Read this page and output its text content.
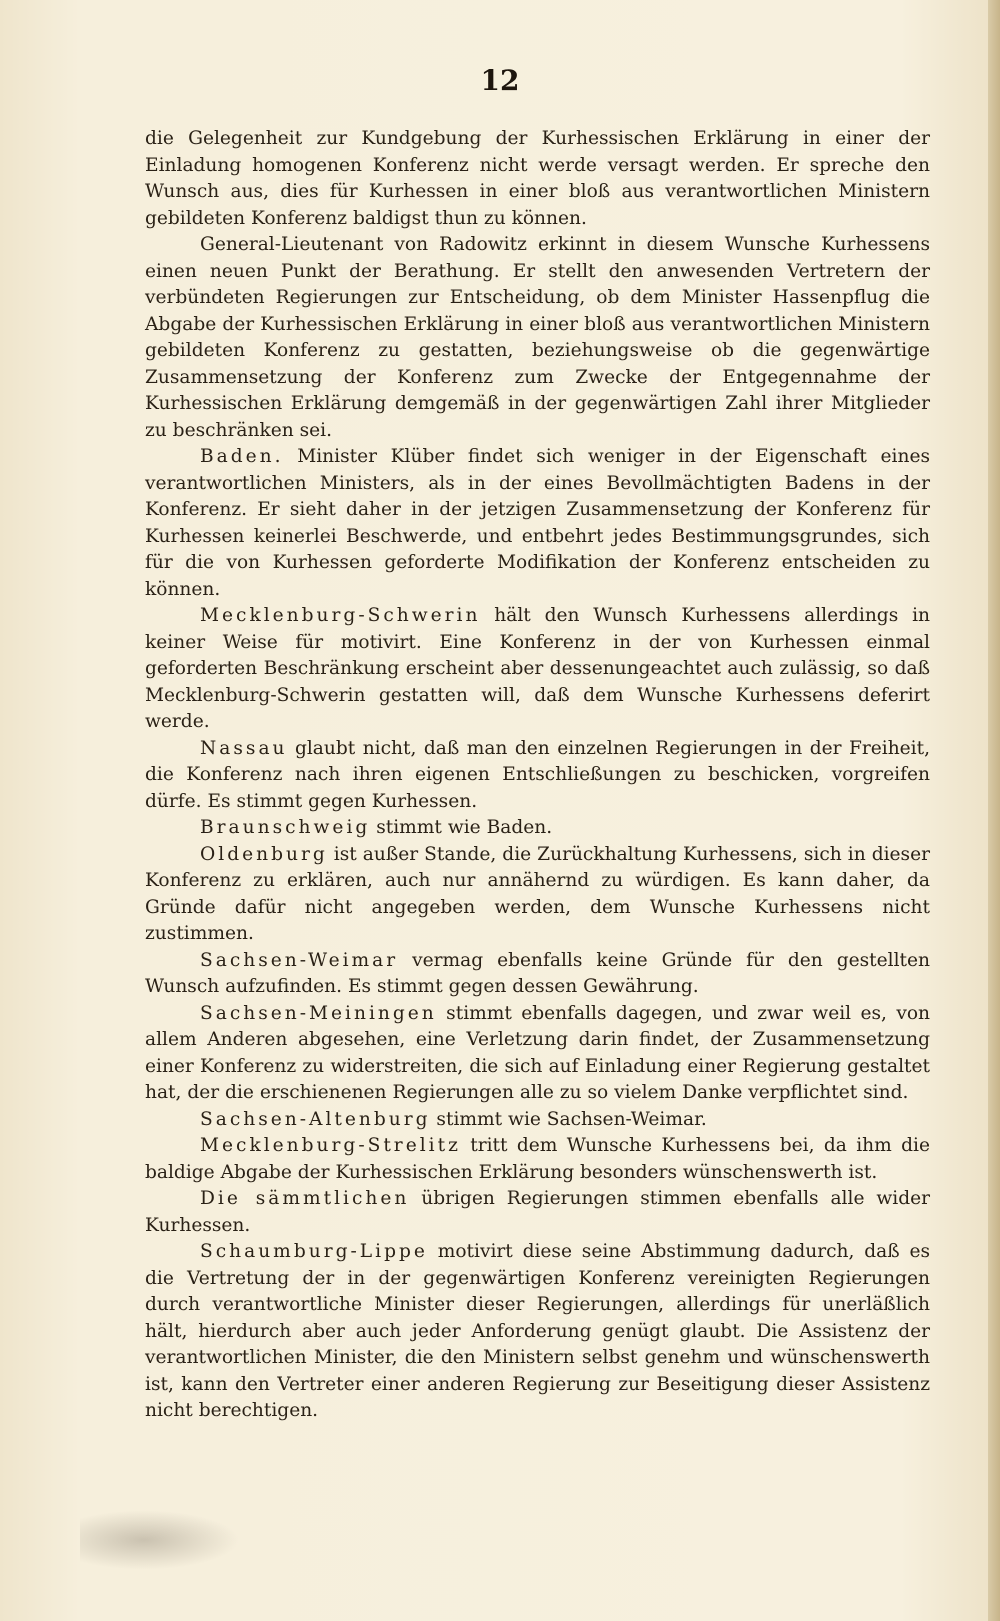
12

die Gelegenheit zur Kundgebung der Kurhessischen Erklärung in einer der Einladung homogenen Konferenz nicht werde versagt werden. Er spreche den Wunsch aus, dies für Kurhessen in einer bloß aus verantwortlichen Ministern gebildeten Konferenz baldigst thun zu können.

General-Lieutenant von Radowitz erkinnt in diesem Wunsche Kurhessens einen neuen Punkt der Berathung. Er stellt den anwesenden Vertretern der verbündeten Regierungen zur Entscheidung, ob dem Minister Hassenpflug die Abgabe der Kurhessischen Erklärung in einer bloß aus verantwortlichen Ministern gebildeten Konferenz zu gestatten, beziehungsweise ob die gegenwärtige Zusammensetzung der Konferenz zum Zwecke der Entgegennahme der Kurhessischen Erklärung demgemäß in der gegenwärtigen Zahl ihrer Mitglieder zu beschränken sei.

Baden. Minister Klüber findet sich weniger in der Eigenschaft eines verantwortlichen Ministers, als in der eines Bevollmächtigten Badens in der Konferenz. Er sieht daher in der jetzigen Zusammensetzung der Konferenz für Kurhessen keinerlei Beschwerde, und entbehrt jedes Bestimmungsgrundes, sich für die von Kurhessen geforderte Modifikation der Konferenz entscheiden zu können.

Mecklenburg-Schwerin hält den Wunsch Kurhessens allerdings in keiner Weise für motivirt. Eine Konferenz in der von Kurhessen einmal geforderten Beschränkung erscheint aber dessenungeachtet auch zulässig, so daß Mecklenburg-Schwerin gestatten will, daß dem Wunsche Kurhessens deferirt werde.

Nassau glaubt nicht, daß man den einzelnen Regierungen in der Freiheit, die Konferenz nach ihren eigenen Entschließungen zu beschicken, vorgreifen dürfe. Es stimmt gegen Kurhessen.

Braunschweig stimmt wie Baden.

Oldenburg ist außer Stande, die Zurückhaltung Kurhessens, sich in dieser Konferenz zu erklären, auch nur annähernd zu würdigen. Es kann daher, da Gründe dafür nicht angegeben werden, dem Wunsche Kurhessens nicht zustimmen.

Sachsen-Weimar vermag ebenfalls keine Gründe für den gestellten Wunsch aufzufinden. Es stimmt gegen dessen Gewährung.

Sachsen-Meiningen stimmt ebenfalls dagegen, und zwar weil es, von allem Anderen abgesehen, eine Verletzung darin findet, der Zusammensetzung einer Konferenz zu widerstreiten, die sich auf Einladung einer Regierung gestaltet hat, der die erschienenen Regierungen alle zu so vielem Danke verpflichtet sind.

Sachsen-Altenburg stimmt wie Sachsen-Weimar.

Mecklenburg-Strelitz tritt dem Wunsche Kurhessens bei, da ihm die baldige Abgabe der Kurhessischen Erklärung besonders wünschenswerth ist.

Die sämmtlichen übrigen Regierungen stimmen ebenfalls alle wider Kurhessen.

Schaumburg-Lippe motivirt diese seine Abstimmung dadurch, daß es die Vertretung der in der gegenwärtigen Konferenz vereinigten Regierungen durch verantwortliche Minister dieser Regierungen, allerdings für unerläßlich hält, hierdurch aber auch jeder Anforderung genügt glaubt. Die Assistenz der verantwortlichen Minister, die den Ministern selbst genehm und wünschenswerth ist, kann den Vertreter einer anderen Regierung zur Beseitigung dieser Assistenz nicht berechtigen.
